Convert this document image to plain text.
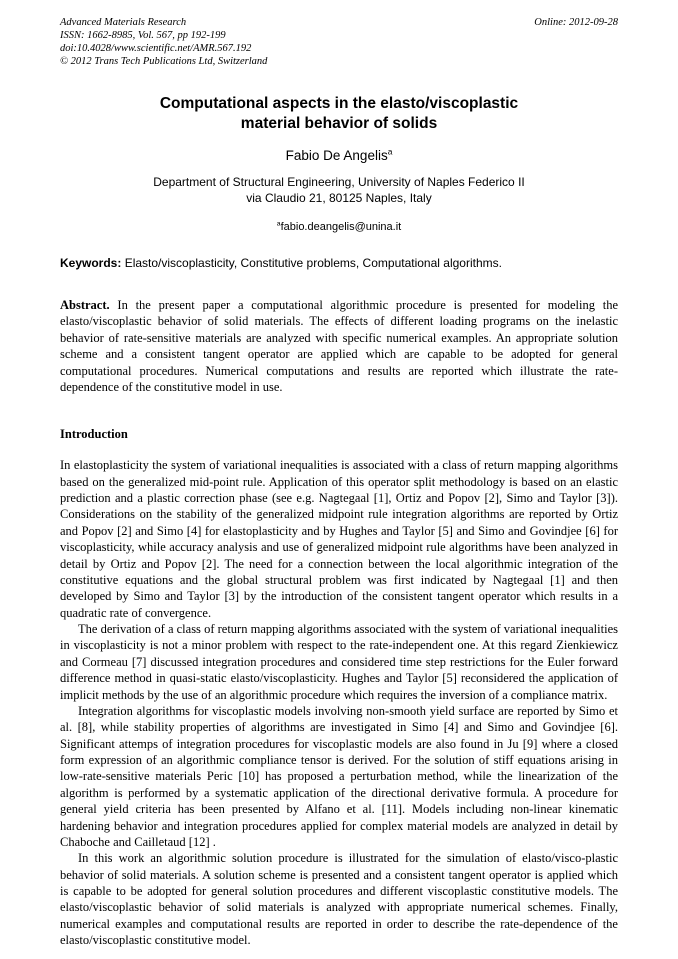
Advanced Materials Research
ISSN: 1662-8985, Vol. 567, pp 192-199
doi:10.4028/www.scientific.net/AMR.567.192
© 2012 Trans Tech Publications Ltd, Switzerland
Online: 2012-09-28
Computational aspects in the elasto/viscoplastic material behavior of solids
Fabio De Angelis$^a$
Department of Structural Engineering, University of Naples Federico II
via Claudio 21, 80125 Naples, Italy
$^a$fabio.deangelis@unina.it
Keywords: Elasto/viscoplasticity, Constitutive problems, Computational algorithms.

Abstract. In the present paper a computational algorithmic procedure is presented for modeling the elasto/viscoplastic behavior of solid materials. The effects of different loading programs on the inelastic behavior of rate-sensitive materials are analyzed with specific numerical examples. An appropriate solution scheme and a consistent tangent operator are applied which are capable to be adopted for general computational procedures. Numerical computations and results are reported which illustrate the rate-dependence of the constitutive model in use.

Introduction

In elastoplasticity the system of variational inequalities is associated with a class of return mapping algorithms based on the generalized mid-point rule. Application of this operator split methodology is based on an elastic prediction and a plastic correction phase (see e.g. Nagtegaal [1], Ortiz and Popov [2], Simo and Taylor [3]). Considerations on the stability of the generalized midpoint rule integration algorithms are reported by Ortiz and Popov [2] and Simo [4] for elastoplasticity and by Hughes and Taylor [5] and Simo and Govindjee [6] for viscoplasticity, while accuracy analysis and use of generalized midpoint rule algorithms have been analyzed in detail by Ortiz and Popov [2]. The need for a connection between the local algorithmic integration of the constitutive equations and the global structural problem was first indicated by Nagtegaal [1] and then developed by Simo and Taylor [3] by the introduction of the consistent tangent operator which results in a quadratic rate of convergence.

The derivation of a class of return mapping algorithms associated with the system of variational inequalities in viscoplasticity is not a minor problem with respect to the rate-independent one. At this regard Zienkiewicz and Cormeau [7] discussed integration procedures and considered time step restrictions for the Euler forward difference method in quasi-static elasto/viscoplasticity. Hughes and Taylor [5] reconsidered the application of implicit methods by the use of an algorithmic procedure which requires the inversion of a compliance matrix.

Integration algorithms for viscoplastic models involving non-smooth yield surface are reported by Simo et al. [8], while stability properties of algorithms are investigated in Simo [4] and Simo and Govindjee [6]. Significant attemps of integration procedures for viscoplastic models are also found in Ju [9] where a closed form expression of an algorithmic compliance tensor is derived. For the solution of stiff equations arising in low-rate-sensitive materials Peric [10] has proposed a perturbation method, while the linearization of the algorithm is performed by a systematic application of the directional derivative formula. A procedure for general yield criteria has been presented by Alfano et al. [11]. Models including non-linear kinematic hardening behavior and integration procedures applied for complex material models are analyzed in detail by Chaboche and Cailletaud [12] .

In this work an algorithmic solution procedure is illustrated for the simulation of elasto/visco-plastic behavior of solid materials. A solution scheme is presented and a consistent tangent operator is applied which is capable to be adopted for general solution procedures and different viscoplastic constitutive models. The elasto/viscoplastic behavior of solid materials is analyzed with appropriate numerical schemes. Finally, numerical examples and computational results are reported in order to describe the rate-dependence of the elasto/viscoplastic constitutive model.
